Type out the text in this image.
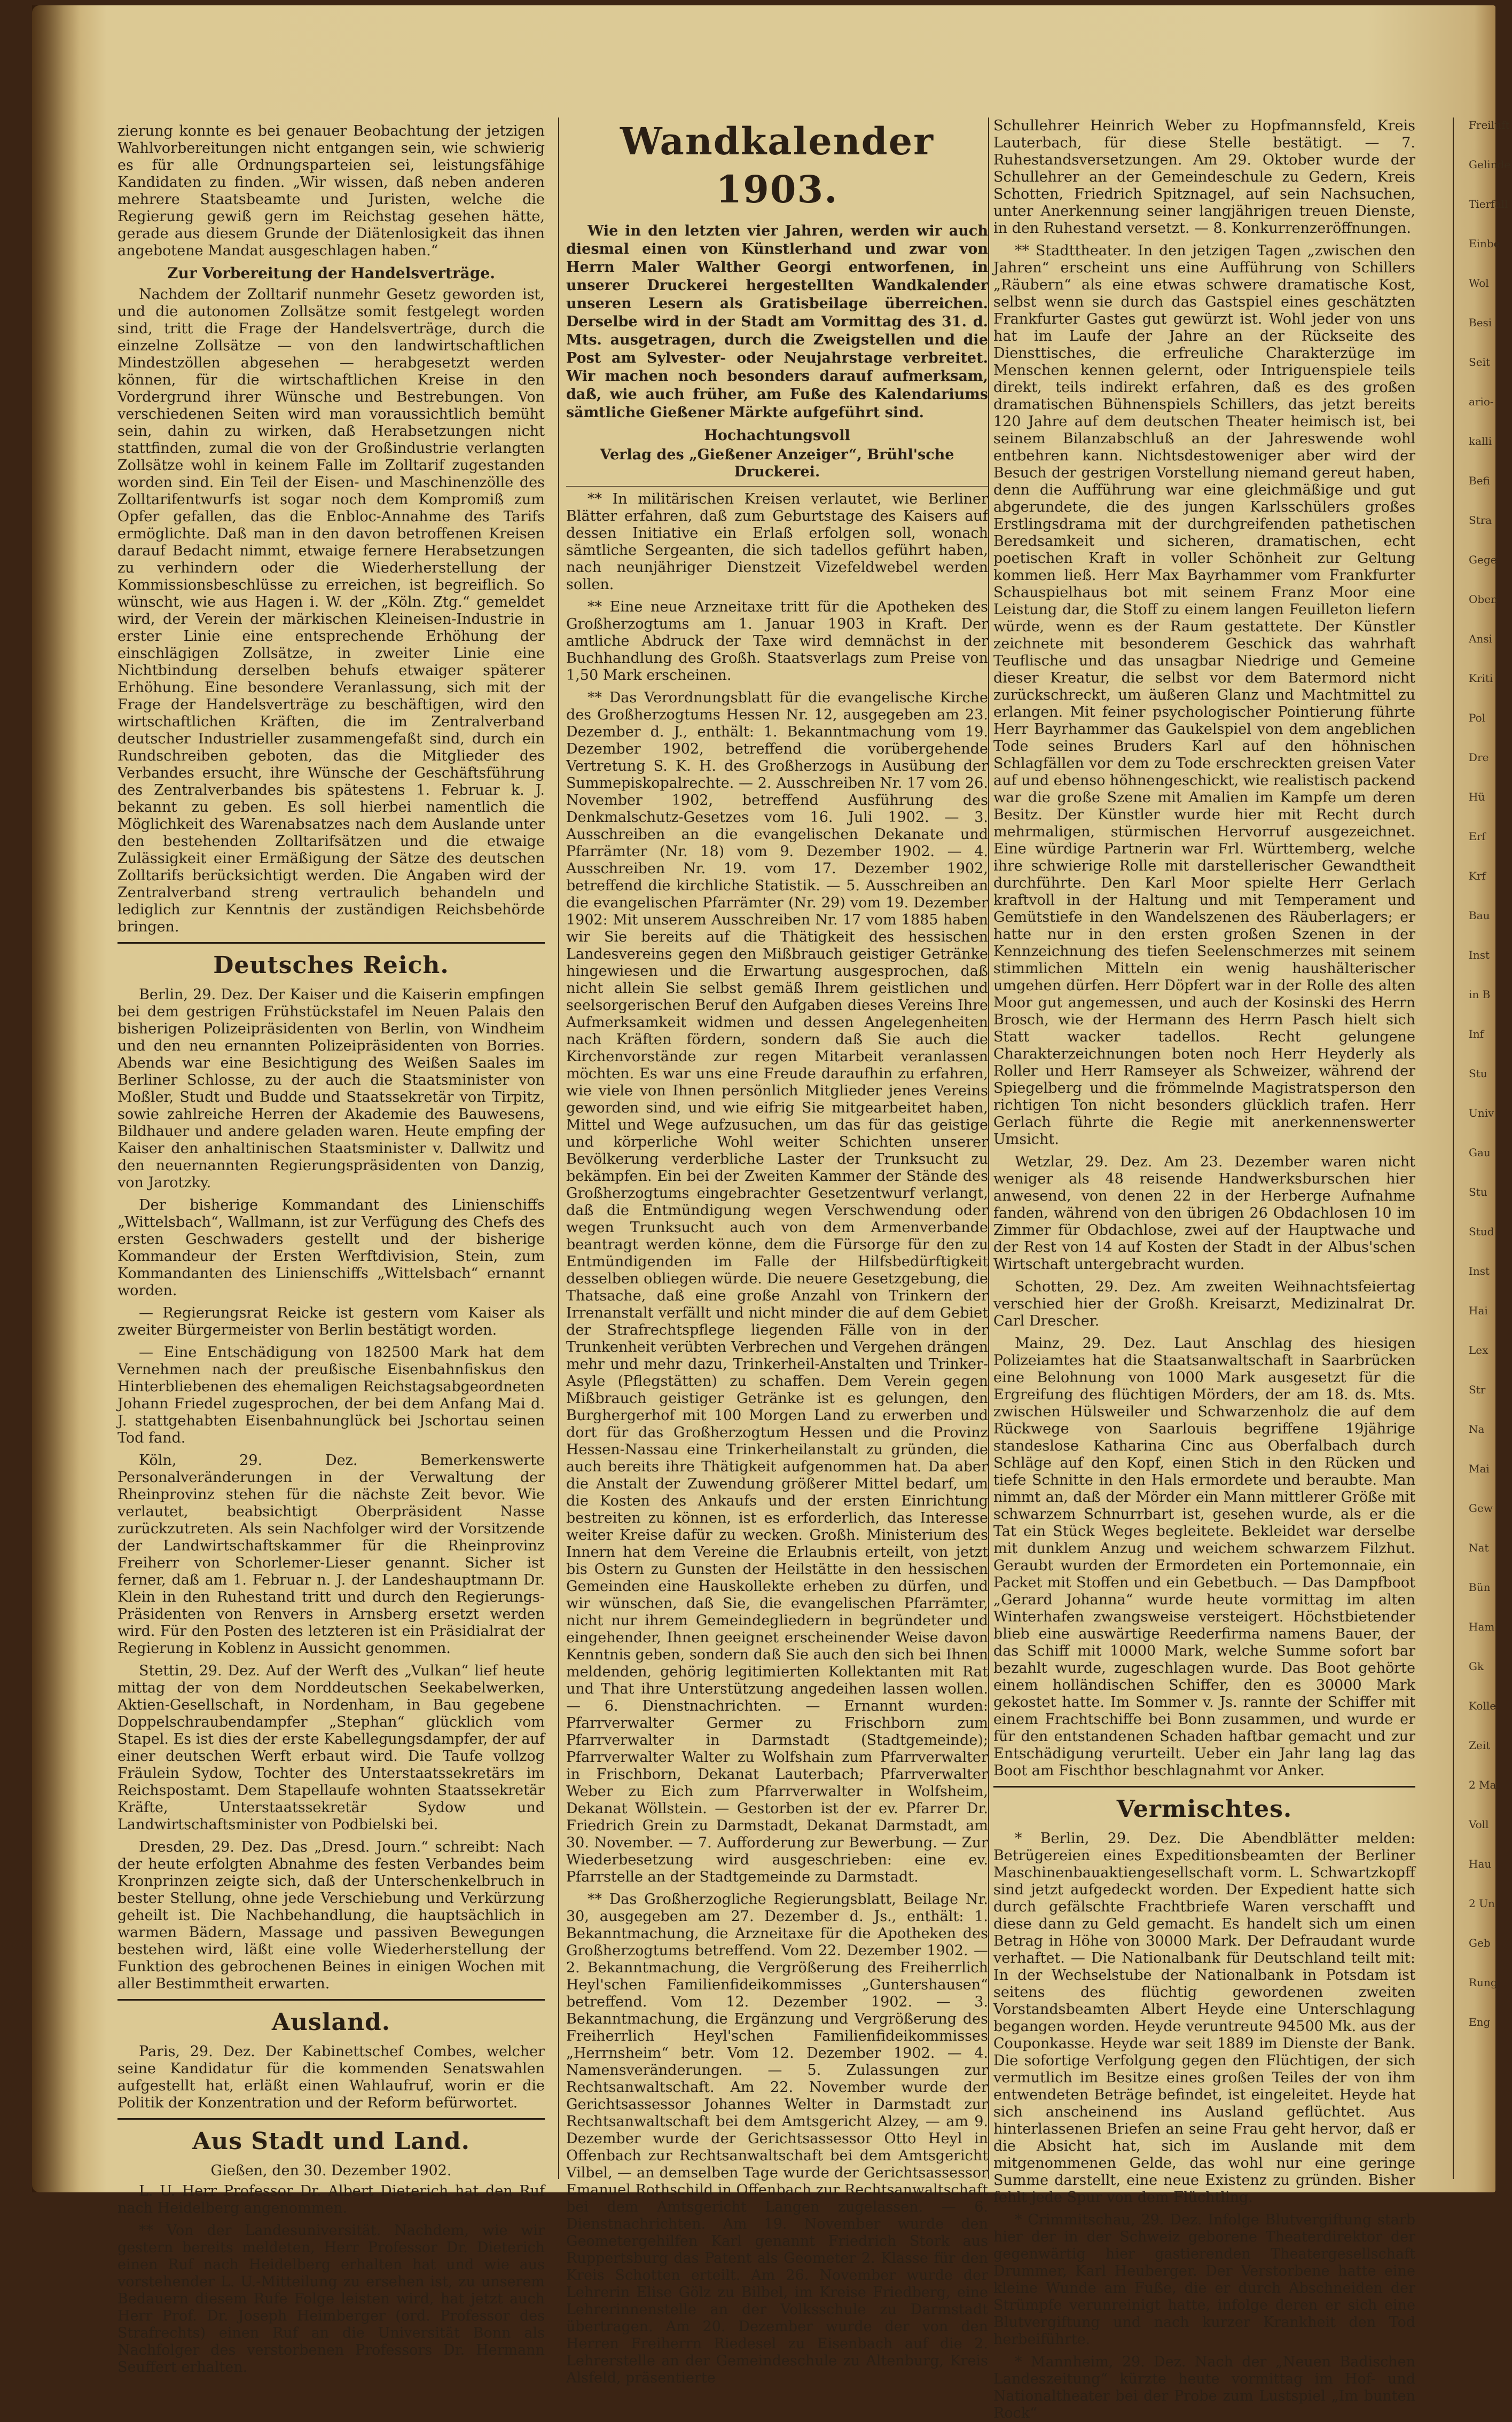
zierung konnte es bei genauer Beobachtung der jetzigen Wahlvorbereitungen nicht entgangen sein, wie schwierig es für alle Ordnungsparteien sei, leistungsfähige Kandidaten zu finden. „Wir wissen, daß neben anderen mehrere Staatsbeamte und Juristen, welche die Regierung gewiß gern im Reichstag gesehen hätte, gerade aus diesem Grunde der Diätenlosigkeit das ihnen angebotene Mandat ausgeschlagen haben.“

Zur Vorbereitung der Handelsverträge.

Nachdem der Zolltarif nunmehr Gesetz geworden ist, und die autonomen Zollsätze somit festgelegt worden sind, tritt die Frage der Handelsverträge, durch die einzelne Zollsätze — von den landwirtschaftlichen Mindestzöllen abgesehen — herabgesetzt werden können, für die wirtschaftlichen Kreise in den Vordergrund ihrer Wünsche und Bestrebungen. Von verschiedenen Seiten wird man voraussichtlich bemüht sein, dahin zu wirken, daß Herabsetzungen nicht stattfinden, zumal die von der Großindustrie verlangten Zollsätze wohl in keinem Falle im Zolltarif zugestanden worden sind. Ein Teil der Eisen- und Maschinenzölle des Zolltarifentwurfs ist sogar noch dem Kompromiß zum Opfer gefallen, das die Enbloc-Annahme des Tarifs ermöglichte. Daß man in den davon betroffenen Kreisen darauf Bedacht nimmt, etwaige fernere Herabsetzungen zu verhindern oder die Wiederherstellung der Kommissionsbeschlüsse zu erreichen, ist begreiflich. So wünscht, wie aus Hagen i. W. der „Köln. Ztg.“ gemeldet wird, der Verein der märkischen Kleineisen-Industrie in erster Linie eine entsprechende Erhöhung der einschlägigen Zollsätze, in zweiter Linie eine Nichtbindung derselben behufs etwaiger späterer Erhöhung. Eine besondere Veranlassung, sich mit der Frage der Handelsverträge zu beschäftigen, wird den wirtschaftlichen Kräften, die im Zentralverband deutscher Industrieller zusammengefaßt sind, durch ein Rundschreiben geboten, das die Mitglieder des Verbandes ersucht, ihre Wünsche der Geschäftsführung des Zentralverbandes bis spätestens 1. Februar k. J. bekannt zu geben. Es soll hierbei namentlich die Möglichkeit des Warenabsatzes nach dem Auslande unter den bestehenden Zolltarifsätzen und die etwaige Zulässigkeit einer Ermäßigung der Sätze des deutschen Zolltarifs berücksichtigt werden. Die Angaben wird der Zentralverband streng vertraulich behandeln und lediglich zur Kenntnis der zuständigen Reichsbehörde bringen.

Deutsches Reich.

Berlin, 29. Dez. Der Kaiser und die Kaiserin empfingen bei dem gestrigen Frühstückstafel im Neuen Palais den bisherigen Polizeipräsidenten von Berlin, von Windheim und den neu ernannten Polizeipräsidenten von Borries. Abends war eine Besichtigung des Weißen Saales im Berliner Schlosse, zu der auch die Staatsminister von Moßler, Studt und Budde und Staatssekretär von Tirpitz, sowie zahlreiche Herren der Akademie des Bauwesens, Bildhauer und andere geladen waren. Heute empfing der Kaiser den anhaltinischen Staatsminister v. Dallwitz und den neuernannten Regierungspräsidenten von Danzig, von Jarotzky.

Der bisherige Kommandant des Linienschiffs „Wittelsbach“, Wallmann, ist zur Verfügung des Chefs des ersten Geschwaders gestellt und der bisherige Kommandeur der Ersten Werftdivision, Stein, zum Kommandanten des Linienschiffs „Wittelsbach“ ernannt worden.

— Regierungsrat Reicke ist gestern vom Kaiser als zweiter Bürgermeister von Berlin bestätigt worden.

— Eine Entschädigung von 182500 Mark hat dem Vernehmen nach der preußische Eisenbahnfiskus den Hinterbliebenen des ehemaligen Reichstagsabgeordneten Johann Friedel zugesprochen, der bei dem Anfang Mai d. J. stattgehabten Eisenbahnunglück bei Jschortau seinen Tod fand.

Köln, 29. Dez. Bemerkenswerte Personalveränderungen in der Verwaltung der Rheinprovinz stehen für die nächste Zeit bevor. Wie verlautet, beabsichtigt Oberpräsident Nasse zurückzutreten. Als sein Nachfolger wird der Vorsitzende der Landwirtschaftskammer für die Rheinprovinz Freiherr von Schorlemer-Lieser genannt. Sicher ist ferner, daß am 1. Februar n. J. der Landeshauptmann Dr. Klein in den Ruhestand tritt und durch den Regierungs-Präsidenten von Renvers in Arnsberg ersetzt werden wird. Für den Posten des letzteren ist ein Präsidialrat der Regierung in Koblenz in Aussicht genommen.

Stettin, 29. Dez. Auf der Werft des „Vulkan“ lief heute mittag der von dem Norddeutschen Seekabelwerken, Aktien-Gesellschaft, in Nordenham, in Bau gegebene Doppelschraubendampfer „Stephan“ glücklich vom Stapel. Es ist dies der erste Kabellegungsdampfer, der auf einer deutschen Werft erbaut wird. Die Taufe vollzog Fräulein Sydow, Tochter des Unterstaatssekretärs im Reichspostamt. Dem Stapellaufe wohnten Staatssekretär Kräfte, Unterstaatssekretär Sydow und Landwirtschaftsminister von Podbielski bei.

Dresden, 29. Dez. Das „Dresd. Journ.“ schreibt: Nach der heute erfolgten Abnahme des festen Verbandes beim Kronprinzen zeigte sich, daß der Unterschenkelbruch in bester Stellung, ohne jede Verschiebung und Verkürzung geheilt ist. Die Nachbehandlung, die hauptsächlich in warmen Bädern, Massage und passiven Bewegungen bestehen wird, läßt eine volle Wiederherstellung der Funktion des gebrochenen Beines in einigen Wochen mit aller Bestimmtheit erwarten.

Ausland.

Paris, 29. Dez. Der Kabinettschef Combes, welcher seine Kandidatur für die kommenden Senatswahlen aufgestellt hat, erläßt einen Wahlaufruf, worin er die Politik der Konzentration und der Reform befürwortet.

Aus Stadt und Land.
Gießen, den 30. Dezember 1902.

L. U. Herr Professor Dr. Albert Dieterich hat den Ruf nach Heidelberg angenommen.

** Von der Landesuniversität. Nachdem, wie wir gestern bereits meldeten, Herr Professor Dr. Dieterich einen Ruf nach Heidelberg erhalten hat und wie aus vorstehender L. U.-Mitteilung zu ersehen ist, zu unserem Bedauern diesem Rufe Folge leisten wird, hat jetzt auch Herr Prof. Dr. Joseph Heimberger (ord. Professor des Strafrechts) einen Ruf an die Universität Bonn als Nachfolger des verstorbenen Professors Dr. Hermann Seuffert erhalten.

Wandkalender 1903.

Wie in den letzten vier Jahren, werden wir auch diesmal einen von Künstlerhand und zwar von Herrn Maler Walther Georgi entworfenen, in unserer Druckerei hergestellten Wandkalender unseren Lesern als Gratisbeilage überreichen. Derselbe wird in der Stadt am Vormittag des 31. d. Mts. ausgetragen, durch die Zweigstellen und die Post am Sylvester- oder Neujahrstage verbreitet. Wir machen noch besonders darauf aufmerksam, daß, wie auch früher, am Fuße des Kalendariums sämtliche Gießener Märkte aufgeführt sind.

Hochachtungsvoll
Verlag des „Gießener Anzeiger“, Brühl'sche Druckerei.

** In militärischen Kreisen verlautet, wie Berliner Blätter erfahren, daß zum Geburtstage des Kaisers auf dessen Initiative ein Erlaß erfolgen soll, wonach sämtliche Sergeanten, die sich tadellos geführt haben, nach neunjähriger Dienstzeit Vizefeldwebel werden sollen.

** Eine neue Arzneitaxe tritt für die Apotheken des Großherzogtums am 1. Januar 1903 in Kraft. Der amtliche Abdruck der Taxe wird demnächst in der Buchhandlung des Großh. Staatsverlags zum Preise von 1,50 Mark erscheinen.

** Das Verordnungsblatt für die evangelische Kirche des Großherzogtums Hessen Nr. 12, ausgegeben am 23. Dezember d. J., enthält: 1. Bekanntmachung vom 19. Dezember 1902, betreffend die vorübergehende Vertretung S. K. H. des Großherzogs in Ausübung der Summepiskopalrechte. — 2. Ausschreiben Nr. 17 vom 26. November 1902, betreffend Ausführung des Denkmalschutz-Gesetzes vom 16. Juli 1902. — 3. Ausschreiben an die evangelischen Dekanate und Pfarrämter (Nr. 18) vom 9. Dezember 1902. — 4. Ausschreiben Nr. 19. vom 17. Dezember 1902, betreffend die kirchliche Statistik. — 5. Ausschreiben an die evangelischen Pfarrämter (Nr. 29) vom 19. Dezember 1902: Mit unserem Ausschreiben Nr. 17 vom 1885 haben wir Sie bereits auf die Thätigkeit des hessischen Landesvereins gegen den Mißbrauch geistiger Getränke hingewiesen und die Erwartung ausgesprochen, daß nicht allein Sie selbst gemäß Ihrem geistlichen und seelsorgerischen Beruf den Aufgaben dieses Vereins Ihre Aufmerksamkeit widmen und dessen Angelegenheiten nach Kräften fördern, sondern daß Sie auch die Kirchenvorstände zur regen Mitarbeit veranlassen möchten. Es war uns eine Freude daraufhin zu erfahren, wie viele von Ihnen persönlich Mitglieder jenes Vereins geworden sind, und wie eifrig Sie mitgearbeitet haben, Mittel und Wege aufzusuchen, um das für das geistige und körperliche Wohl weiter Schichten unserer Bevölkerung verderbliche Laster der Trunksucht zu bekämpfen. Ein bei der Zweiten Kammer der Stände des Großherzogtums eingebrachter Gesetzentwurf verlangt, daß die Entmündigung wegen Verschwendung oder wegen Trunksucht auch von dem Armenverbande beantragt werden könne, dem die Fürsorge für den zu Entmündigenden im Falle der Hilfsbedürftigkeit desselben obliegen würde. Die neuere Gesetzgebung, die Thatsache, daß eine große Anzahl von Trinkern der Irrenanstalt verfällt und nicht minder die auf dem Gebiet der Strafrechtspflege liegenden Fälle von in der Trunkenheit verübten Verbrechen und Vergehen drängen mehr und mehr dazu, Trinkerheil-Anstalten und Trinker-Asyle (Pflegstätten) zu schaffen. Dem Verein gegen Mißbrauch geistiger Getränke ist es gelungen, den Burghergerhof mit 100 Morgen Land zu erwerben und dort für das Großherzogtum Hessen und die Provinz Hessen-Nassau eine Trinkerheilanstalt zu gründen, die auch bereits ihre Thätigkeit aufgenommen hat. Da aber die Anstalt der Zuwendung größerer Mittel bedarf, um die Kosten des Ankaufs und der ersten Einrichtung bestreiten zu können, ist es erforderlich, das Interesse weiter Kreise dafür zu wecken. Großh. Ministerium des Innern hat dem Vereine die Erlaubnis erteilt, von jetzt bis Ostern zu Gunsten der Heilstätte in den hessischen Gemeinden eine Hauskollekte erheben zu dürfen, und wir wünschen, daß Sie, die evangelischen Pfarrämter, nicht nur ihrem Gemeindegliedern in begründeter und eingehender, Ihnen geeignet erscheinender Weise davon Kenntnis geben, sondern daß Sie auch den sich bei Ihnen meldenden, gehörig legitimierten Kollektanten mit Rat und That ihre Unterstützung angedeihen lassen wollen. — 6. Dienstnachrichten. — Ernannt wurden: Pfarrverwalter Germer zu Frischborn zum Pfarrverwalter in Darmstadt (Stadtgemeinde); Pfarrverwalter Walter zu Wolfshain zum Pfarrverwalter in Frischborn, Dekanat Lauterbach; Pfarrverwalter Weber zu Eich zum Pfarrverwalter in Wolfsheim, Dekanat Wöllstein. — Gestorben ist der ev. Pfarrer Dr. Friedrich Grein zu Darmstadt, Dekanat Darmstadt, am 30. November. — 7. Aufforderung zur Bewerbung. — Zur Wiederbesetzung wird ausgeschrieben: eine ev. Pfarrstelle an der Stadtgemeinde zu Darmstadt.

** Das Großherzogliche Regierungsblatt, Beilage Nr. 30, ausgegeben am 27. Dezember d. Js., enthält: 1. Bekanntmachung, die Arzneitaxe für die Apotheken des Großherzogtums betreffend. Vom 22. Dezember 1902. — 2. Bekanntmachung, die Vergrößerung des Freiherrlich Heyl'schen Familienfideikommisses „Guntershausen“ betreffend. Vom 12. Dezember 1902. — 3. Bekanntmachung, die Ergänzung und Vergrößerung des Freiherrlich Heyl'schen Familienfideikommisses „Herrnsheim“ betr. Vom 12. Dezember 1902. — 4. Namensveränderungen. — 5. Zulassungen zur Rechtsanwaltschaft. Am 22. November wurde der Gerichtsassessor Johannes Welter in Darmstadt zur Rechtsanwaltschaft bei dem Amtsgericht Alzey, — am 9. Dezember wurde der Gerichtsassessor Otto Heyl in Offenbach zur Rechtsanwaltschaft bei dem Amtsgericht Vilbel, — an demselben Tage wurde der Gerichtsassessor Emanuel Rothschild in Offenbach zur Rechtsanwaltschaft bei dem Amtsgericht Langen zugelassen. — 6. Dienstnachrichten. Am 19. November wurde den Geometergehilfen Karl genannt Friedrich Stork aus Ruppertsburg das Patent als Geometer 2. Klasse für den Kreis Schotten erteilt. Am 26. November wurde der Lehrerin Elise Gölz zu Bilbel, im Kreise Friedberg, eine Lehrerinnenstelle an der Volksschule zu Darmstadt übertragen. Am 20. Dezember wurde der von den Herren Freiherrn Riedesel zu Eisenbach auf die 2. Lehrerstelle an der Gemeindeschule zu Altenburg, Kreis Alsfeld, präsentierte

Schullehrer Heinrich Weber zu Hopfmannsfeld, Kreis Lauterbach, für diese Stelle bestätigt. — 7. Ruhestandsversetzungen. Am 29. Oktober wurde der Schullehrer an der Gemeindeschule zu Gedern, Kreis Schotten, Friedrich Spitznagel, auf sein Nachsuchen, unter Anerkennung seiner langjährigen treuen Dienste, in den Ruhestand versetzt. — 8. Konkurrenzeröffnungen.

** Stadttheater. In den jetzigen Tagen „zwischen den Jahren“ erscheint uns eine Aufführung von Schillers „Räubern“ als eine etwas schwere dramatische Kost, selbst wenn sie durch das Gastspiel eines geschätzten Frankfurter Gastes gut gewürzt ist. Wohl jeder von uns hat im Laufe der Jahre an der Rückseite des Diensttisches, die erfreuliche Charakterzüge im Menschen kennen gelernt, oder Intriguenspiele teils direkt, teils indirekt erfahren, daß es des großen dramatischen Bühnenspiels Schillers, das jetzt bereits 120 Jahre auf dem deutschen Theater heimisch ist, bei seinem Bilanzabschluß an der Jahreswende wohl entbehren kann. Nichtsdestoweniger aber wird der Besuch der gestrigen Vorstellung niemand gereut haben, denn die Aufführung war eine gleichmäßige und gut abgerundete, die des jungen Karlsschülers großes Erstlingsdrama mit der durchgreifenden pathetischen Beredsamkeit und sicheren, dramatischen, echt poetischen Kraft in voller Schönheit zur Geltung kommen ließ. Herr Max Bayrhammer vom Frankfurter Schauspielhaus bot mit seinem Franz Moor eine Leistung dar, die Stoff zu einem langen Feuilleton liefern würde, wenn es der Raum gestattete. Der Künstler zeichnete mit besonderem Geschick das wahrhaft Teuflische und das unsagbar Niedrige und Gemeine dieser Kreatur, die selbst vor dem Batermord nicht zurückschreckt, um äußeren Glanz und Machtmittel zu erlangen. Mit feiner psychologischer Pointierung führte Herr Bayrhammer das Gaukelspiel von dem angeblichen Tode seines Bruders Karl auf den höhnischen Schlagfällen vor dem zu Tode erschreckten greisen Vater auf und ebenso höhnengeschickt, wie realistisch packend war die große Szene mit Amalien im Kampfe um deren Besitz. Der Künstler wurde hier mit Recht durch mehrmaligen, stürmischen Hervorruf ausgezeichnet. Eine würdige Partnerin war Frl. Württemberg, welche ihre schwierige Rolle mit darstellerischer Gewandtheit durchführte. Den Karl Moor spielte Herr Gerlach kraftvoll in der Haltung und mit Temperament und Gemütstiefe in den Wandelszenen des Räuberlagers; er hatte nur in den ersten großen Szenen in der Kennzeichnung des tiefen Seelenschmerzes mit seinem stimmlichen Mitteln ein wenig haushälterischer umgehen dürfen. Herr Döpfert war in der Rolle des alten Moor gut angemessen, und auch der Kosinski des Herrn Brosch, wie der Hermann des Herrn Pasch hielt sich Statt wacker tadellos. Recht gelungene Charakterzeichnungen boten noch Herr Heyderly als Roller und Herr Ramseyer als Schweizer, während der Spiegelberg und die frömmelnde Magistratsperson den richtigen Ton nicht besonders glücklich trafen. Herr Gerlach führte die Regie mit anerkennenswerter Umsicht.

Wetzlar, 29. Dez. Am 23. Dezember waren nicht weniger als 48 reisende Handwerksburschen hier anwesend, von denen 22 in der Herberge Aufnahme fanden, während von den übrigen 26 Obdachlosen 10 im Zimmer für Obdachlose, zwei auf der Hauptwache und der Rest von 14 auf Kosten der Stadt in der Albus'schen Wirtschaft untergebracht wurden.

Schotten, 29. Dez. Am zweiten Weihnachtsfeiertag verschied hier der Großh. Kreisarzt, Medizinalrat Dr. Carl Drescher.

Mainz, 29. Dez. Laut Anschlag des hiesigen Polizeiamtes hat die Staatsanwaltschaft in Saarbrücken eine Belohnung von 1000 Mark ausgesetzt für die Ergreifung des flüchtigen Mörders, der am 18. ds. Mts. zwischen Hülsweiler und Schwarzenholz die auf dem Rückwege von Saarlouis begriffene 19jährige standeslose Katharina Cinc aus Oberfalbach durch Schläge auf den Kopf, einen Stich in den Rücken und tiefe Schnitte in den Hals ermordete und beraubte. Man nimmt an, daß der Mörder ein Mann mittlerer Größe mit schwarzem Schnurrbart ist, gesehen wurde, als er die Tat ein Stück Weges begleitete. Bekleidet war derselbe mit dunklem Anzug und weichem schwarzem Filzhut. Geraubt wurden der Ermordeten ein Portemonnaie, ein Packet mit Stoffen und ein Gebetbuch. — Das Dampfboot „Gerard Johanna“ wurde heute vormittag im alten Winterhafen zwangsweise versteigert. Höchstbietender blieb eine auswärtige Reederfirma namens Bauer, der das Schiff mit 10000 Mark, welche Summe sofort bar bezahlt wurde, zugeschlagen wurde. Das Boot gehörte einem holländischen Schiffer, den es 30000 Mark gekostet hatte. Im Sommer v. Js. rannte der Schiffer mit einem Frachtschiffe bei Bonn zusammen, und wurde er für den entstandenen Schaden haftbar gemacht und zur Entschädigung verurteilt. Ueber ein Jahr lang lag das Boot am Fischthor beschlagnahmt vor Anker.

Vermischtes.

* Berlin, 29. Dez. Die Abendblätter melden: Betrügereien eines Expeditionsbeamten der Berliner Maschinenbauaktiengesellschaft vorm. L. Schwartzkopff sind jetzt aufgedeckt worden. Der Expedient hatte sich durch gefälschte Frachtbriefe Waren verschafft und diese dann zu Geld gemacht. Es handelt sich um einen Betrag in Höhe von 30000 Mark. Der Defraudant wurde verhaftet. — Die Nationalbank für Deutschland teilt mit: In der Wechselstube der Nationalbank in Potsdam ist seitens des flüchtig gewordenen zweiten Vorstandsbeamten Albert Heyde eine Unterschlagung begangen worden. Heyde veruntreute 94500 Mk. aus der Couponkasse. Heyde war seit 1889 im Dienste der Bank. Die sofortige Verfolgung gegen den Flüchtigen, der sich vermutlich im Besitze eines großen Teiles der von ihm entwendeten Beträge befindet, ist eingeleitet. Heyde hat sich anscheinend ins Ausland geflüchtet. Aus hinterlassenen Briefen an seine Frau geht hervor, daß er die Absicht hat, sich im Auslande mit dem mitgenommenen Gelde, das wohl nur eine geringe Summe darstellt, eine neue Existenz zu gründen. Bisher fehlt jede Spur von dem Flüchtling.

* Crimmitschau, 29. Dez. Infolge Blutvergiftung starb hier der in der Schweiz geborene Theaterdirektor der gegenwärtig hier gastierenden Theatergesellschaft Drummer, Karl Heuberger. Der Verstorbene hatte eine kleine Wunde am Fuße, die er durch Abschneiden der Strümpfe verunreinigt hatte, infolge deren er sich eine Blutvergiftung und nach kurzer Krankheit den Tod herbeiführte.

* Mannheim, 29. Dez. Nach der „Neuen Badischen Landeszeitung“ kürzte heute vormittag im Hof- und Nationaltheater bei der Probe zum Lustspiel „Im bunten Rock“

Freiluft
Gelinde
Tierfall
Einbe
Wol
Besi
Seit
ario-
kalli
Befi
Stra
Gege
Oben
Ansi
Kriti
Pol
Dre
Hü
Erf
Krf
Bau
Inst
in B
Inf
Stu
Univ
Gau
Stu
Stud
Inst
Hai
Lex
Str
Na
Mai
Gew
Nat
Bün
Ham
Gk
Kolle
Zeit
2 Ma
Voll
Hau
2 Un
Geb
Rung
Eng
